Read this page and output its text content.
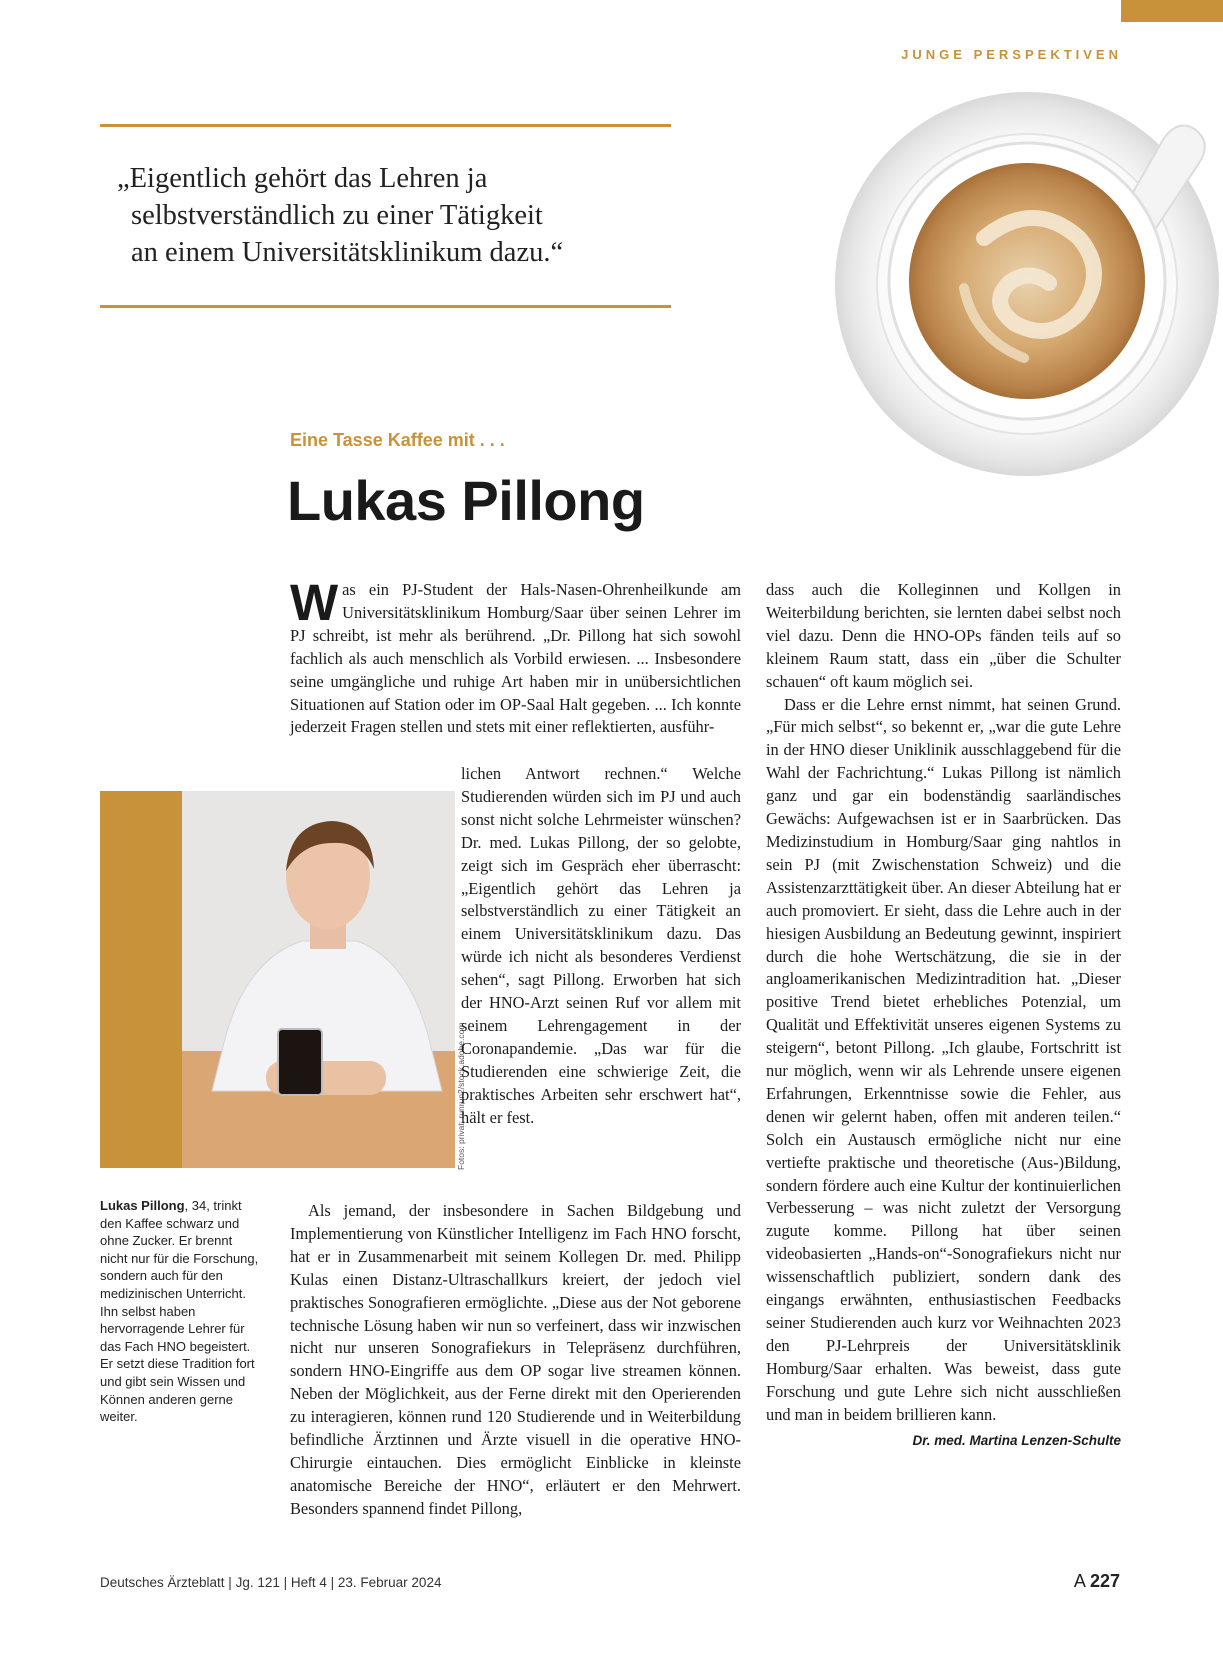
JUNGE PERSPEKTIVEN
„Eigentlich gehört das Lehren ja
selbstverständlich zu einer Tätigkeit
an einem Universitätsklinikum dazu.“
Eine Tasse Kaffee mit . . .
Lukas Pillong
Was ein PJ-Student der Hals-Nasen-Ohrenheilkunde am Universitätsklinikum Homburg/Saar über seinen Lehrer im PJ schreibt, ist mehr als berührend. „Dr. Pillong hat sich sowohl fachlich als auch menschlich als Vorbild erwiesen. ... Insbesondere seine umgängliche und ruhige Art haben mir in unübersichtlichen Situationen auf Station oder im OP-Saal Halt gegeben. ... Ich konnte jederzeit Fragen stellen und stets mit einer reflektierten, ausführ-
Fotos: privat; runrun2/stock.adobe.com
lichen Antwort rechnen.“ Welche Studierenden würden sich im PJ und auch sonst nicht solche Lehrmeister wünschen? Dr. med. Lukas Pillong, der so gelobte, zeigt sich im Gespräch eher überrascht: „Eigentlich gehört das Lehren ja selbstverständlich zu einer Tätigkeit an einem Universitätsklinikum dazu. Das würde ich nicht als besonderes Verdienst sehen“, sagt Pillong. Erworben hat sich der HNO-Arzt seinen Ruf vor allem mit seinem Lehrengagement in der Coronapandemie. „Das war für die Studierenden eine schwierige Zeit, die praktisches Arbeiten sehr erschwert hat“, hält er fest.
Als jemand, der insbesondere in Sachen Bildgebung und Implementierung von Künstlicher Intelligenz im Fach HNO forscht, hat er in Zusammenarbeit mit seinem Kollegen Dr. med. Philipp Kulas einen Distanz-Ultraschallkurs kreiert, der jedoch viel praktisches Sonografieren ermöglichte. „Diese aus der Not geborene technische Lösung haben wir nun so verfeinert, dass wir inzwischen nicht nur unseren Sonografiekurs in Telepräsenz durchführen, sondern HNO-Eingriffe aus dem OP sogar live streamen können. Neben der Möglichkeit, aus der Ferne direkt mit den Operierenden zu interagieren, können rund 120 Studierende und in Weiterbildung befindliche Ärztinnen und Ärzte visuell in die operative HNO-Chirurgie eintauchen. Dies ermöglicht Einblicke in kleinste anatomische Bereiche der HNO“, erläutert er den Mehrwert. Besonders spannend findet Pillong,
Lukas Pillong, 34, trinkt den Kaffee schwarz und ohne Zucker. Er brennt nicht nur für die Forschung, sondern auch für den medizinischen Unterricht. Ihn selbst haben hervorragende Lehrer für das Fach HNO begeistert. Er setzt diese Tradition fort und gibt sein Wissen und Können anderen gerne weiter.

dass auch die Kolleginnen und Kollgen in Weiterbildung berichten, sie lernten dabei selbst noch viel dazu. Denn die HNO-OPs fänden teils auf so kleinem Raum statt, dass ein „über die Schulter schauen“ oft kaum möglich sei.

Dass er die Lehre ernst nimmt, hat seinen Grund. „Für mich selbst“, so bekennt er, „war die gute Lehre in der HNO dieser Uniklinik ausschlaggebend für die Wahl der Fachrichtung.“ Lukas Pillong ist nämlich ganz und gar ein bodenständig saarländisches Gewächs: Aufgewachsen ist er in Saarbrücken. Das Medizinstudium in Homburg/Saar ging nahtlos in sein PJ (mit Zwischenstation Schweiz) und die Assistenzarzttätigkeit über. An dieser Abteilung hat er auch promoviert. Er sieht, dass die Lehre auch in der hiesigen Ausbildung an Bedeutung gewinnt, inspiriert durch die hohe Wertschätzung, die sie in der angloamerikanischen Medizintradition hat. „Dieser positive Trend bietet erhebliches Potenzial, um Qualität und Effektivität unseres eigenen Systems zu steigern“, betont Pillong. „Ich glaube, Fortschritt ist nur möglich, wenn wir als Lehrende unsere eigenen Erfahrungen, Erkenntnisse sowie die Fehler, aus denen wir gelernt haben, offen mit anderen teilen.“ Solch ein Austausch ermögliche nicht nur eine vertiefte praktische und theoretische (Aus-)Bildung, sondern fördere auch eine Kultur der kontinuierlichen Verbesserung – was nicht zuletzt der Versorgung zugute komme. Pillong hat über seinen videobasierten „Hands-on“-Sonografiekurs nicht nur wissenschaftlich publiziert, sondern dank des eingangs erwähnten, enthusiastischen Feedbacks seiner Studierenden auch kurz vor Weihnachten 2023 den PJ-Lehrpreis der Universitätsklinik Homburg/Saar erhalten. Was beweist, dass gute Forschung und gute Lehre sich nicht ausschließen und man in beidem brillieren kann.
Dr. med. Martina Lenzen-Schulte

Deutsches Ärzteblatt | Jg. 121 | Heft 4 | 23. Februar 2024	A 227
